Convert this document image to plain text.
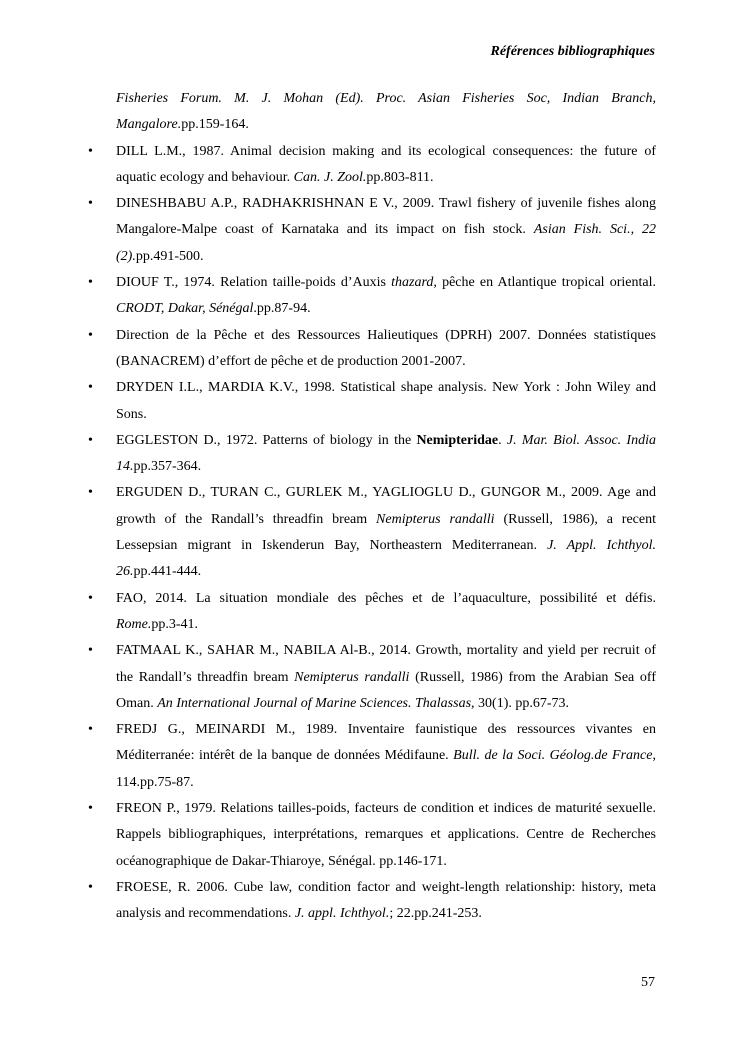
Références bibliographiques

Fisheries Forum. M. J. Mohan (Ed). Proc. Asian Fisheries Soc, Indian Branch, Mangalore.pp.159-164.

• DILL L.M., 1987. Animal decision making and its ecological consequences: the future of aquatic ecology and behaviour. Can. J. Zool.pp.803-811.

• DINESHBABU A.P., RADHAKRISHNAN E V., 2009. Trawl fishery of juvenile fishes along Mangalore-Malpe coast of Karnataka and its impact on fish stock. Asian Fish. Sci., 22 (2).pp.491-500.

• DIOUF T., 1974. Relation taille-poids d’Auxis thazard, pêche en Atlantique tropical oriental. CRODT, Dakar, Sénégal.pp.87-94.

• Direction de la Pêche et des Ressources Halieutiques (DPRH) 2007. Données statistiques (BANACREM) d’effort de pêche et de production 2001-2007.

• DRYDEN I.L., MARDIA K.V., 1998. Statistical shape analysis. New York : John Wiley and Sons.

• EGGLESTON D., 1972. Patterns of biology in the Nemipteridae. J. Mar. Biol. Assoc. India 14.pp.357-364.

• ERGUDEN D., TURAN C., GURLEK M., YAGLIOGLU D., GUNGOR M., 2009. Age and growth of the Randall’s threadfin bream Nemipterus randalli (Russell, 1986), a recent Lessepsian migrant in Iskenderun Bay, Northeastern Mediterranean. J. Appl. Ichthyol. 26.pp.441-444.

• FAO, 2014. La situation mondiale des pêches et de l’aquaculture, possibilité et défis. Rome.pp.3-41.

• FATMAAL K., SAHAR M., NABILA Al-B., 2014. Growth, mortality and yield per recruit of the Randall’s threadfin bream Nemipterus randalli (Russell, 1986) from the Arabian Sea off Oman. An International Journal of Marine Sciences. Thalassas, 30(1). pp.67-73.

• FREDJ G., MEINARDI M., 1989. Inventaire faunistique des ressources vivantes en Méditerranée: intérêt de la banque de données Médifaune. Bull. de la Soci. Géolog.de France, 114.pp.75-87.

• FREON P., 1979. Relations tailles-poids, facteurs de condition et indices de maturité sexuelle. Rappels bibliographiques, interprétations, remarques et applications. Centre de Recherches océanographique de Dakar-Thiaroye, Sénégal. pp.146-171.

• FROESE, R. 2006. Cube law, condition factor and weight-length relationship: history, meta analysis and recommendations. J. appl. Ichthyol.; 22.pp.241-253.

57
